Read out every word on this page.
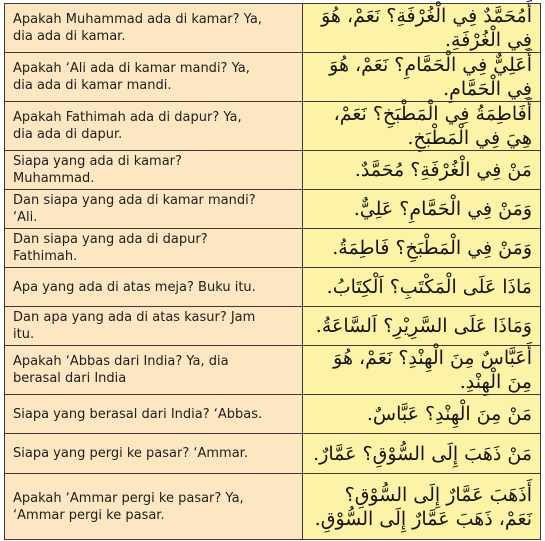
Apakah Muhammad ada di kamar? Ya,
dia ada di kamar.	أَمُحَمَّدٌ فِي الْغُرْفَةِ؟ نَعَمْ، هُوَ فِي الْغُرْفَةِ.
Apakah ‘Ali ada di kamar mandi? Ya,
dia ada di kamar mandi.	أَعَلِيٌّ فِي الْحَمَّامِ؟ نَعَمْ، هُوَ فِي الْحَمَّامِ.
Apakah Fathimah ada di dapur? Ya,
dia ada di dapur.	أَفَاطِمَةُ فِي الْمَطْبَخِ؟ نَعَمْ، هِيَ فِي الْمَطْبَخِ.
Siapa yang ada di kamar?
Muhammad.	مَنْ فِي الْغُرْفَةِ؟ مُحَمَّدٌ.
Dan siapa yang ada di kamar mandi?
‘Ali.	وَمَنْ فِي الْحَمَّامِ؟ عَلِيٌّ.
Dan siapa yang ada di dapur?
Fathimah.	وَمَنْ فِي الْمَطْبَخِ؟ فَاطِمَةُ.
Apa yang ada di atas meja? Buku itu.	مَاذَا عَلَى الْمَكْتَبِ؟ اَلْكِتَابُ.
Dan apa yang ada di atas kasur? Jam
itu.	وَمَاذَا عَلَى السَّرِيْرِ؟ اَلسَّاعَةُ.
Apakah ‘Abbas dari India? Ya, dia
berasal dari India	أَعَبَّاسٌ مِنَ الْهِنْدِ؟ نَعَمْ، هُوَ مِنَ الْهِنْدِ.
Siapa yang berasal dari India? ‘Abbas.	مَنْ مِنَ الْهِنْدِ؟ عَبَّاسٌ.
Siapa yang pergi ke pasar? ‘Ammar.	مَنْ ذَهَبَ إِلَى السُّوْقِ؟ عَمَّارٌ.
Apakah ‘Ammar pergi ke pasar? Ya,
‘Ammar pergi ke pasar.	أَذَهَبَ عَمَّارٌ إِلَى السُّوْقِ؟
نَعَمْ، ذَهَبَ عَمَّارٌ إِلَى السُّوْقِ.
